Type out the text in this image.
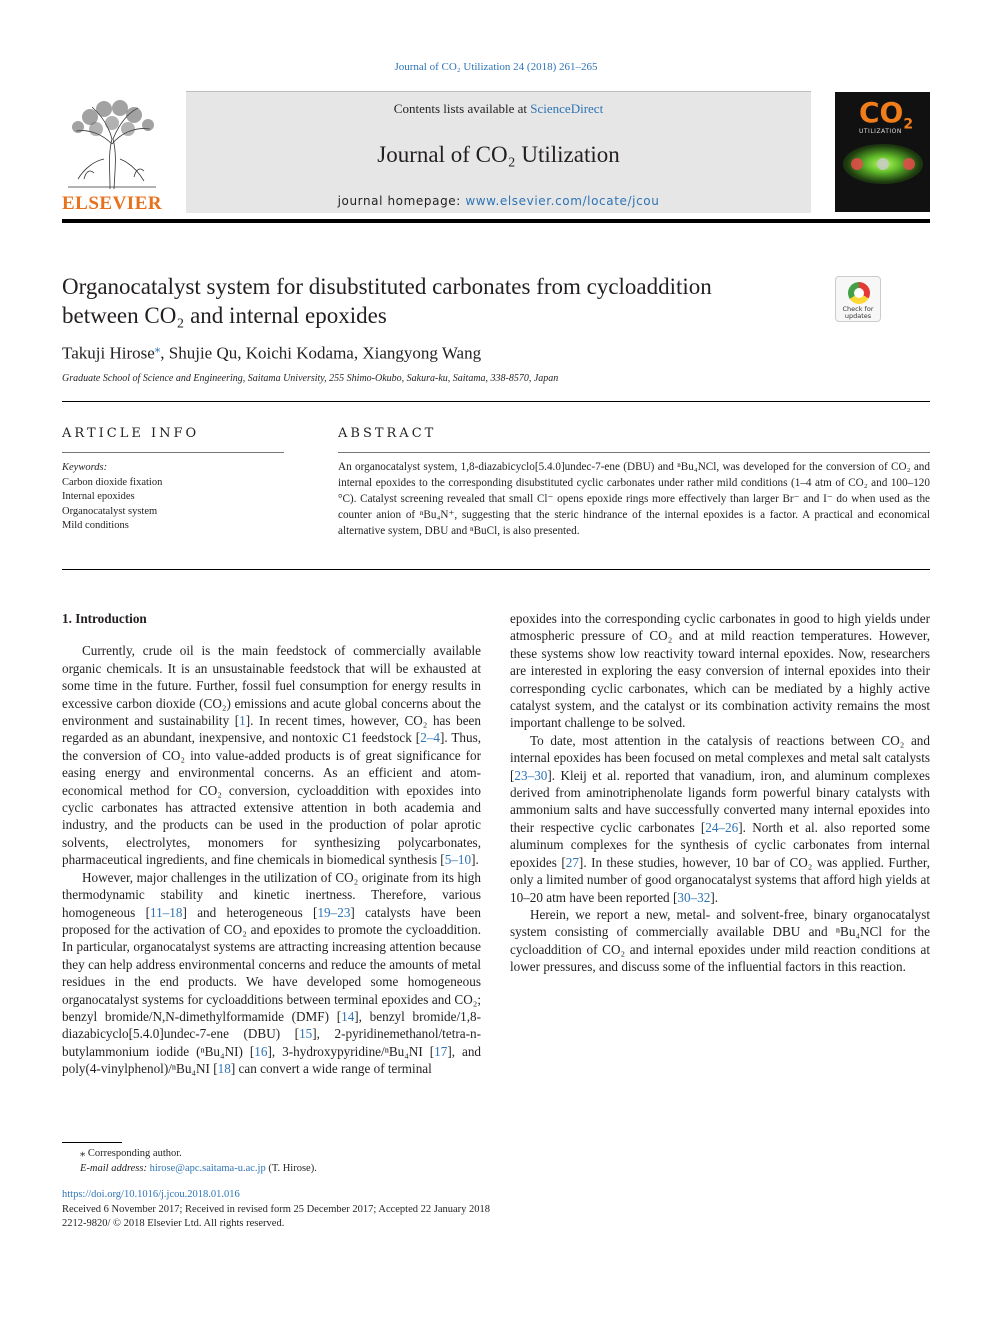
Journal of CO₂ Utilization 24 (2018) 261–265
ELSEVIER
Contents lists available at ScienceDirect
Journal of CO₂ Utilization
journal homepage: www.elsevier.com/locate/jcou
$CO_2$
UTILIZATION
Organocatalyst system for disubstituted carbonates from cycloaddition
between CO₂ and internal epoxides	Check for
updates
Takuji Hirose⁎, Shujie Qu, Koichi Kodama, Xiangyong Wang
Graduate School of Science and Engineering, Saitama University, 255 Shimo-Okubo, Sakura-ku, Saitama, 338-8570, Japan
ARTICLE INFO	ABSTRACT
Keywords:
Carbon dioxide fixation
Internal epoxides
Organocatalyst system
Mild conditions
An organocatalyst system, 1,8-diazabicyclo[5.4.0]undec-7-ene (DBU) and ⁿBu₄NCl, was developed for the conversion of CO₂ and internal epoxides to the corresponding disubstituted cyclic carbonates under rather mild conditions (1–4 atm of CO₂ and 100–120 °C). Catalyst screening revealed that small Cl⁻ opens epoxide rings more effectively than larger Br⁻ and I⁻ do when used as the counter anion of ⁿBu₄N⁺, suggesting that the steric hindrance of the internal epoxides is a factor. A practical and economical alternative system, DBU and ⁿBuCl, is also presented.
1. Introduction

Currently, crude oil is the main feedstock of commercially available organic chemicals. It is an unsustainable feedstock that will be exhausted at some time in the future. Further, fossil fuel consumption for energy results in excessive carbon dioxide (CO₂) emissions and acute global concerns about the environment and sustainability [1]. In recent times, however, CO₂ has been regarded as an abundant, inexpensive, and nontoxic C1 feedstock [2–4]. Thus, the conversion of CO₂ into value-added products is of great significance for easing energy and environmental concerns. As an efficient and atom-economical method for CO₂ conversion, cycloaddition with epoxides into cyclic carbonates has attracted extensive attention in both academia and industry, and the products can be used in the production of polar aprotic solvents, electrolytes, monomers for synthesizing polycarbonates, pharmaceutical ingredients, and fine chemicals in biomedical synthesis [5–10].

However, major challenges in the utilization of CO₂ originate from its high thermodynamic stability and kinetic inertness. Therefore, various homogeneous [11–18] and heterogeneous [19–23] catalysts have been proposed for the activation of CO₂ and epoxides to promote the cycloaddition. In particular, organocatalyst systems are attracting increasing attention because they can help address environmental concerns and reduce the amounts of metal residues in the end products. We have developed some homogeneous organocatalyst systems for cycloadditions between terminal epoxides and CO₂; benzyl bromide/N,N-dimethylformamide (DMF) [14], benzyl bromide/1,8-diazabicyclo[5.4.0]undec-7-ene (DBU) [15], 2-pyridinemethanol/tetra-n-butylammonium iodide (ⁿBu₄NI) [16], 3-hydroxypyridine/ⁿBu₄NI [17], and poly(4-vinylphenol)/ⁿBu₄NI [18] can convert a wide range of terminal

epoxides into the corresponding cyclic carbonates in good to high yields under atmospheric pressure of CO₂ and at mild reaction temperatures. However, these systems show low reactivity toward internal epoxides. Now, researchers are interested in exploring the easy conversion of internal epoxides into their corresponding cyclic carbonates, which can be mediated by a highly active catalyst system, and the catalyst or its combination activity remains the most important challenge to be solved.

To date, most attention in the catalysis of reactions between CO₂ and internal epoxides has been focused on metal complexes and metal salt catalysts [23–30]. Kleij et al. reported that vanadium, iron, and aluminum complexes derived from aminotriphenolate ligands form powerful binary catalysts with ammonium salts and have successfully converted many internal epoxides into their respective cyclic carbonates [24–26]. North et al. also reported some aluminum complexes for the synthesis of cyclic carbonates from internal epoxides [27]. In these studies, however, 10 bar of CO₂ was applied. Further, only a limited number of good organocatalyst systems that afford high yields at 10–20 atm have been reported [30–32].

Herein, we report a new, metal- and solvent-free, binary organocatalyst system consisting of commercially available DBU and ⁿBu₄NCl for the cycloaddition of CO₂ and internal epoxides under mild reaction conditions at lower pressures, and discuss some of the influential factors in this reaction.

⁎ Corresponding author.
E-mail address: hirose@apc.saitama-u.ac.jp (T. Hirose).
https://doi.org/10.1016/j.jcou.2018.01.016
Received 6 November 2017; Received in revised form 25 December 2017; Accepted 22 January 2018
2212-9820/ © 2018 Elsevier Ltd. All rights reserved.
